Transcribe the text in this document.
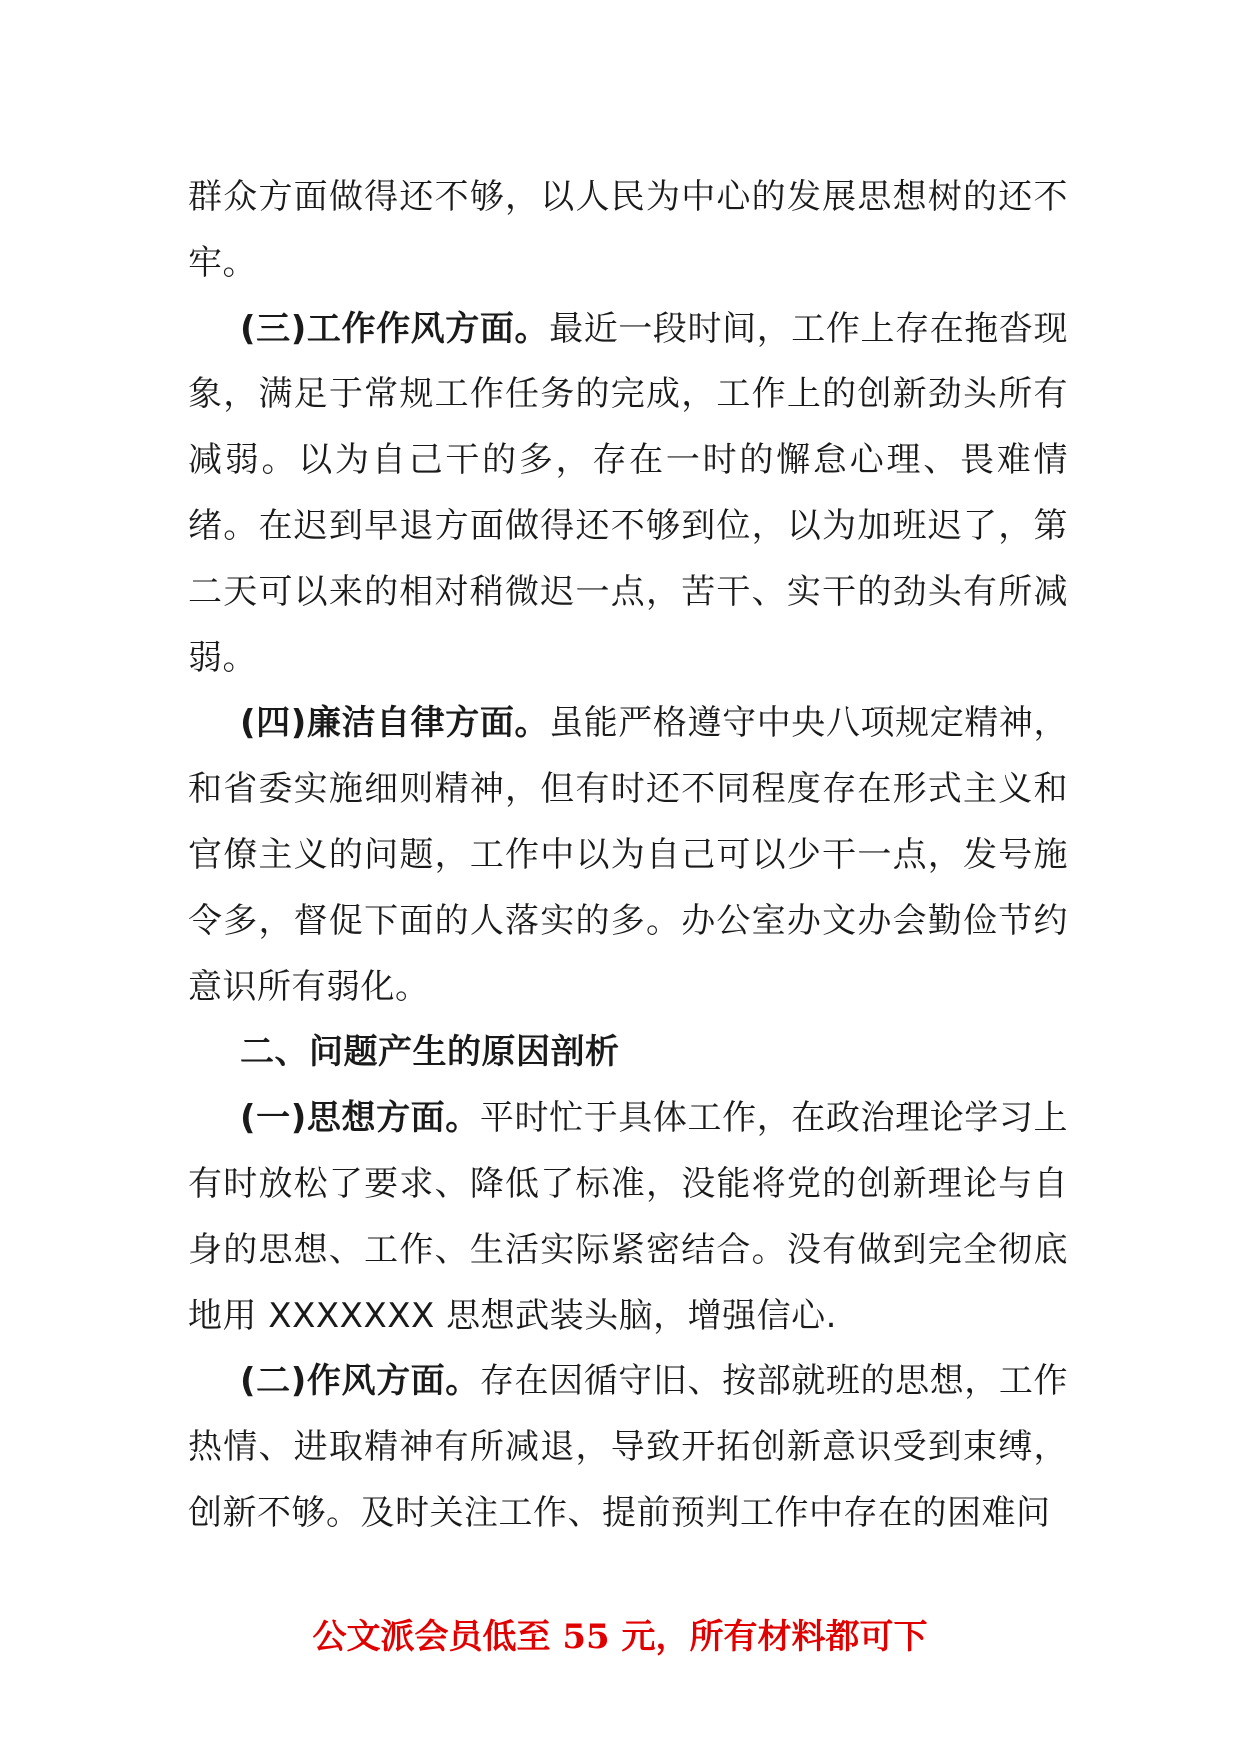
群众方面做得还不够，以人民为中心的发展思想树的还不牢。

(三)工作作风方面。最近一段时间，工作上存在拖沓现象，满足于常规工作任务的完成，工作上的创新劲头所有减弱。以为自己干的多，存在一时的懈怠心理、畏难情绪。在迟到早退方面做得还不够到位，以为加班迟了，第二天可以来的相对稍微迟一点，苦干、实干的劲头有所减弱。

(四)廉洁自律方面。虽能严格遵守中央八项规定精神，和省委实施细则精神，但有时还不同程度存在形式主义和官僚主义的问题，工作中以为自己可以少干一点，发号施令多，督促下面的人落实的多。办公室办文办会勤俭节约意识所有弱化。

二、问题产生的原因剖析

(一)思想方面。平时忙于具体工作，在政治理论学习上有时放松了要求、降低了标准，没能将党的创新理论与自身的思想、工作、生活实际紧密结合。没有做到完全彻底地用 XXXXXXX 思想武装头脑，增强信心.

(二)作风方面。存在因循守旧、按部就班的思想，工作热情、进取精神有所减退，导致开拓创新意识受到束缚，创新不够。及时关注工作、提前预判工作中存在的困难问

公文派会员低至 55 元，所有材料都可下
